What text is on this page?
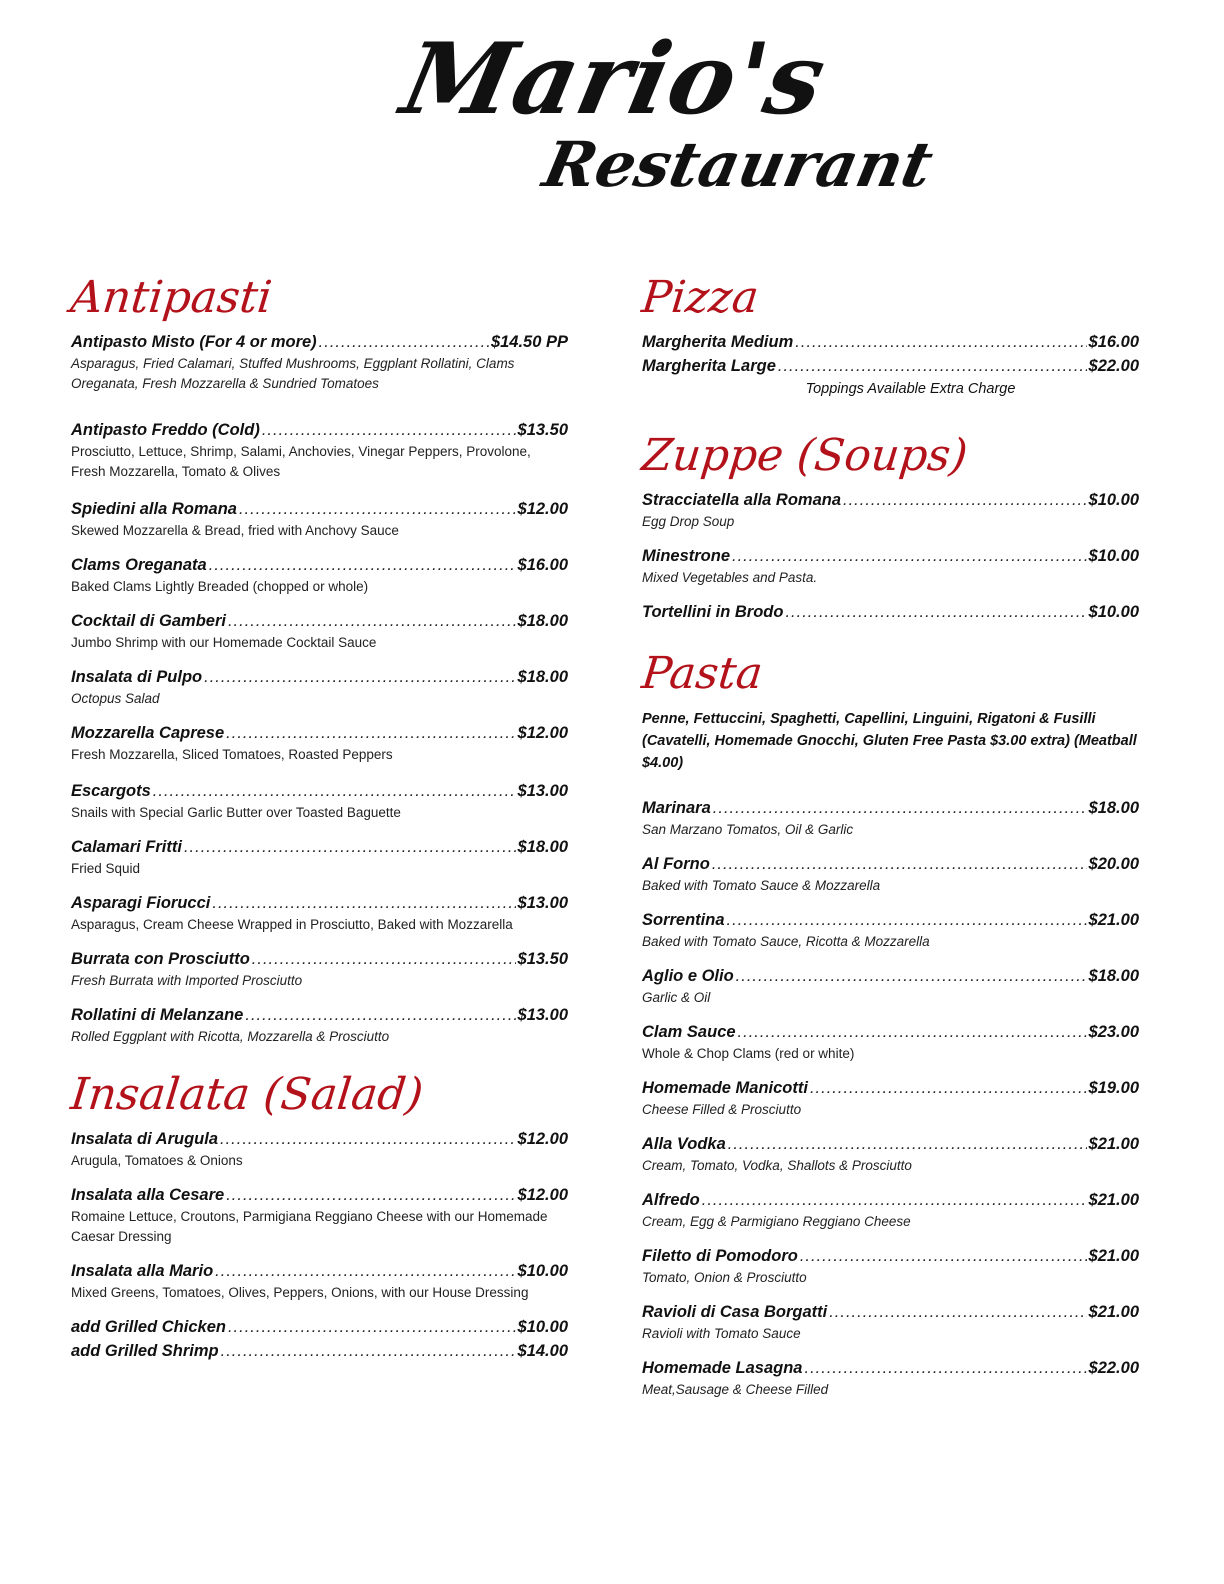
Mario's
Restaurant
Antipasti
Antipasto Misto (For 4 or more) .....	$14.50 PP
Asparagus, Fried Calamari, Stuffed Mushrooms, Eggplant Rollatini, Clams Oreganata, Fresh Mozzarella & Sundried Tomatoes
Antipasto Freddo (Cold) .....	$13.50
Prosciutto, Lettuce, Shrimp, Salami, Anchovies, Vinegar Peppers, Provolone, Fresh Mozzarella, Tomato & Olives
Spiedini alla Romana .....	$12.00
Skewed Mozzarella & Bread, fried with Anchovy Sauce
Clams Oreganata .....	$16.00
Baked Clams Lightly Breaded (chopped or whole)
Cocktail di Gamberi .....	$18.00
Jumbo Shrimp with our Homemade Cocktail Sauce
Insalata di Pulpo .....	$18.00
Octopus Salad
Mozzarella Caprese .....	$12.00
Fresh Mozzarella, Sliced Tomatoes, Roasted Peppers
Escargots .....	$13.00
Snails with Special Garlic Butter over Toasted Baguette
Calamari Fritti .....	$18.00
Fried Squid
Asparagi Fiorucci .....	$13.00
Asparagus, Cream Cheese Wrapped in Prosciutto, Baked with Mozzarella
Burrata con Prosciutto .....	$13.50
Fresh Burrata with Imported Prosciutto
Rollatini di Melanzane .....	$13.00
Rolled Eggplant with Ricotta, Mozzarella & Prosciutto
Insalata (Salad)
Insalata di Arugula .....	$12.00
Arugula, Tomatoes & Onions
Insalata alla Cesare .....	$12.00
Romaine Lettuce, Croutons, Parmigiana Reggiano Cheese with our Homemade Caesar Dressing
Insalata alla Mario .....	$10.00
Mixed Greens, Tomatoes, Olives, Peppers, Onions, with our House Dressing
add Grilled Chicken .....	$10.00
add Grilled Shrimp .....	$14.00
Pizza
Margherita Medium .....	$16.00
Margherita Large .....	$22.00
Toppings Available Extra Charge
Zuppe (Soups)
Stracciatella alla Romana .....	$10.00
Egg Drop Soup
Minestrone .....	$10.00
Mixed Vegetables and Pasta.
Tortellini in Brodo .....	$10.00
Pasta
Penne, Fettuccini, Spaghetti, Capellini, Linguini, Rigatoni & Fusilli (Cavatelli, Homemade Gnocchi, Gluten Free Pasta $3.00 extra) (Meatball $4.00)
Marinara .....	$18.00
San Marzano Tomatos, Oil & Garlic
Al Forno .....	$20.00
Baked with Tomato Sauce & Mozzarella
Sorrentina .....	$21.00
Baked with Tomato Sauce, Ricotta & Mozzarella
Aglio e Olio .....	$18.00
Garlic & Oil
Clam Sauce .....	$23.00
Whole & Chop Clams (red or white)
Homemade Manicotti .....	$19.00
Cheese Filled & Prosciutto
Alla Vodka .....	$21.00
Cream, Tomato, Vodka, Shallots & Prosciutto
Alfredo .....	$21.00
Cream, Egg & Parmigiano Reggiano Cheese
Filetto di Pomodoro .....	$21.00
Tomato, Onion & Prosciutto
Ravioli di Casa Borgatti .....	$21.00
Ravioli with Tomato Sauce
Homemade Lasagna .....	$22.00
Meat,Sausage & Cheese Filled
